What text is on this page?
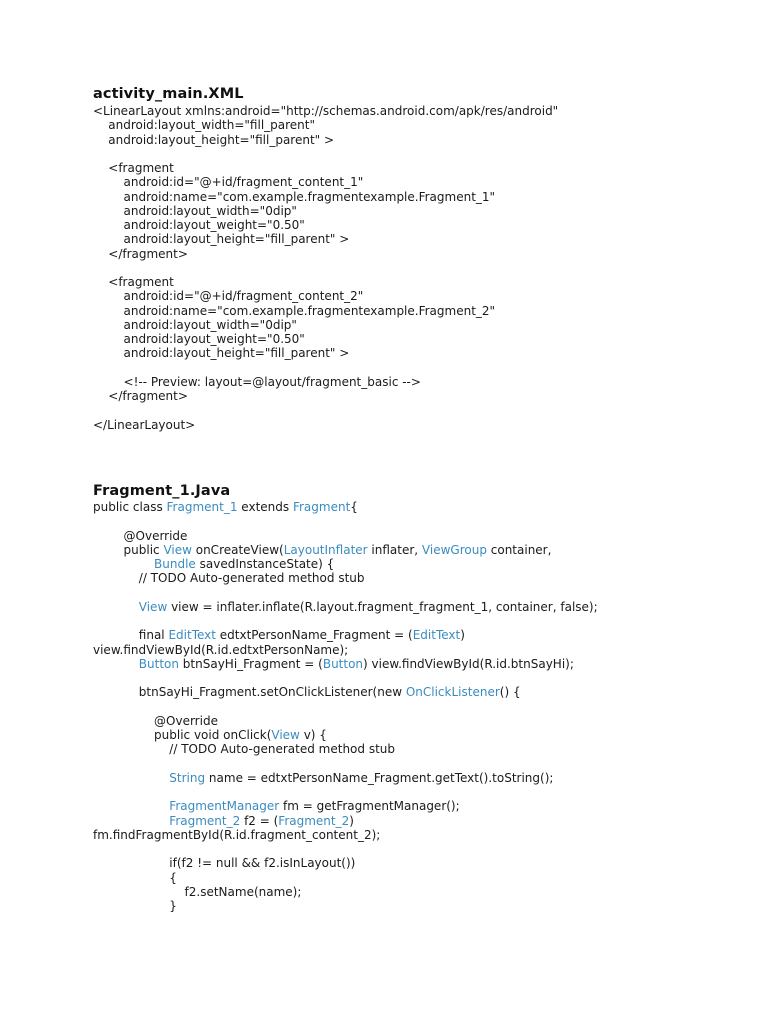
activity_main.XML
<LinearLayout xmlns:android="http://schemas.android.com/apk/res/android"
android:layout_width="fill_parent"
android:layout_height="fill_parent" >
<fragment
android:id="@+id/fragment_content_1"
android:name="com.example.fragmentexample.Fragment_1"
android:layout_width="0dip"
android:layout_weight="0.50"
android:layout_height="fill_parent" >
</fragment>
<fragment
android:id="@+id/fragment_content_2"
android:name="com.example.fragmentexample.Fragment_2"
android:layout_width="0dip"
android:layout_weight="0.50"
android:layout_height="fill_parent" >
<!-- Preview: layout=@layout/fragment_basic -->
</fragment>
</LinearLayout>
Fragment_1.Java
public class Fragment_1 extends Fragment{
@Override
public View onCreateView(LayoutInflater inflater, ViewGroup container,
Bundle savedInstanceState) {
// TODO Auto-generated method stub
View view = inflater.inflate(R.layout.fragment_fragment_1, container, false);
final EditText edtxtPersonName_Fragment = (EditText)
view.findViewById(R.id.edtxtPersonName);
Button btnSayHi_Fragment = (Button) view.findViewById(R.id.btnSayHi);
btnSayHi_Fragment.setOnClickListener(new OnClickListener() {
@Override
public void onClick(View v) {
// TODO Auto-generated method stub
String name = edtxtPersonName_Fragment.getText().toString();
FragmentManager fm = getFragmentManager();
Fragment_2 f2 = (Fragment_2)
fm.findFragmentById(R.id.fragment_content_2);
if(f2 != null && f2.isInLayout())
{
f2.setName(name);
}
